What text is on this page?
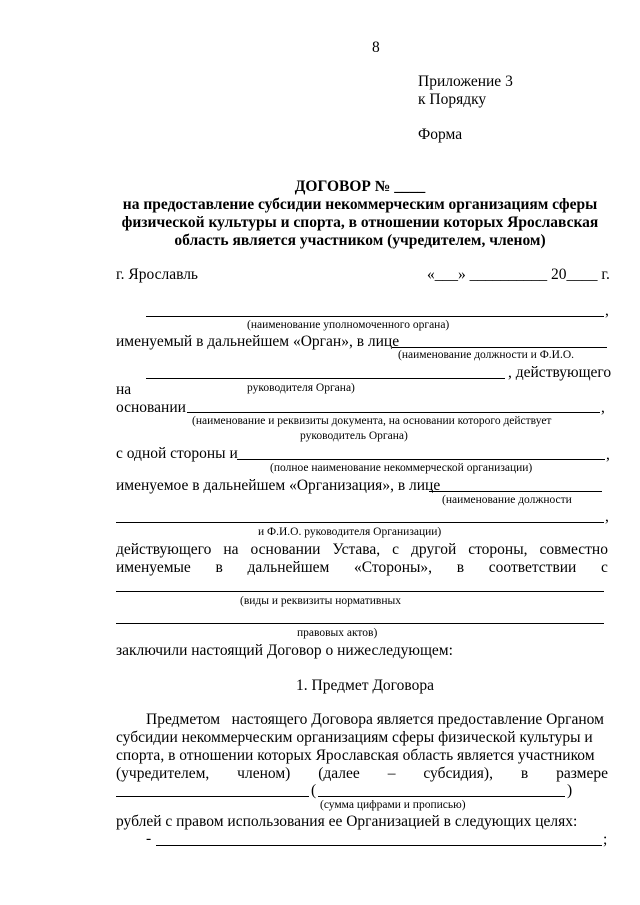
8
Приложение 3
к Порядку
Форма
ДОГОВОР № ____
на предоставление субсидии некоммерческим организациям сферы
физической культуры и спорта, в отношении которых Ярославская
область является участником (учредителем, членом)
г. Ярославль	«___» __________ 20____ г.
,
(наименование уполномоченного органа)
именуемый в дальнейшем «Орган», в лице
(наименование должности и Ф.И.О.
, действующего
на	руководителя Органа)
основании	,
(наименование и реквизиты документа, на основании которого действует
руководитель Органа)
с одной стороны и	,
(полное наименование некоммерческой организации)
именуемое в дальнейшем «Организация», в лице
(наименование должности
,
и Ф.И.О. руководителя Организации)
действующего на основании Устава, с другой стороны, совместно
именуемые в дальнейшем «Стороны», в соответствии с
(виды и реквизиты нормативных
правовых актов)
заключили настоящий Договор о нижеследующем:
1. Предмет Договора
Предметом   настоящего Договора является предоставление Органом
субсидии некоммерческим организациям сферы физической культуры и
спорта, в отношении которых Ярославская область является участником
(учредителем, членом) (далее – субсидия), в размере
(	)
(сумма цифрами и прописью)
рублей с правом использования ее Организацией в следующих целях:
-	;
